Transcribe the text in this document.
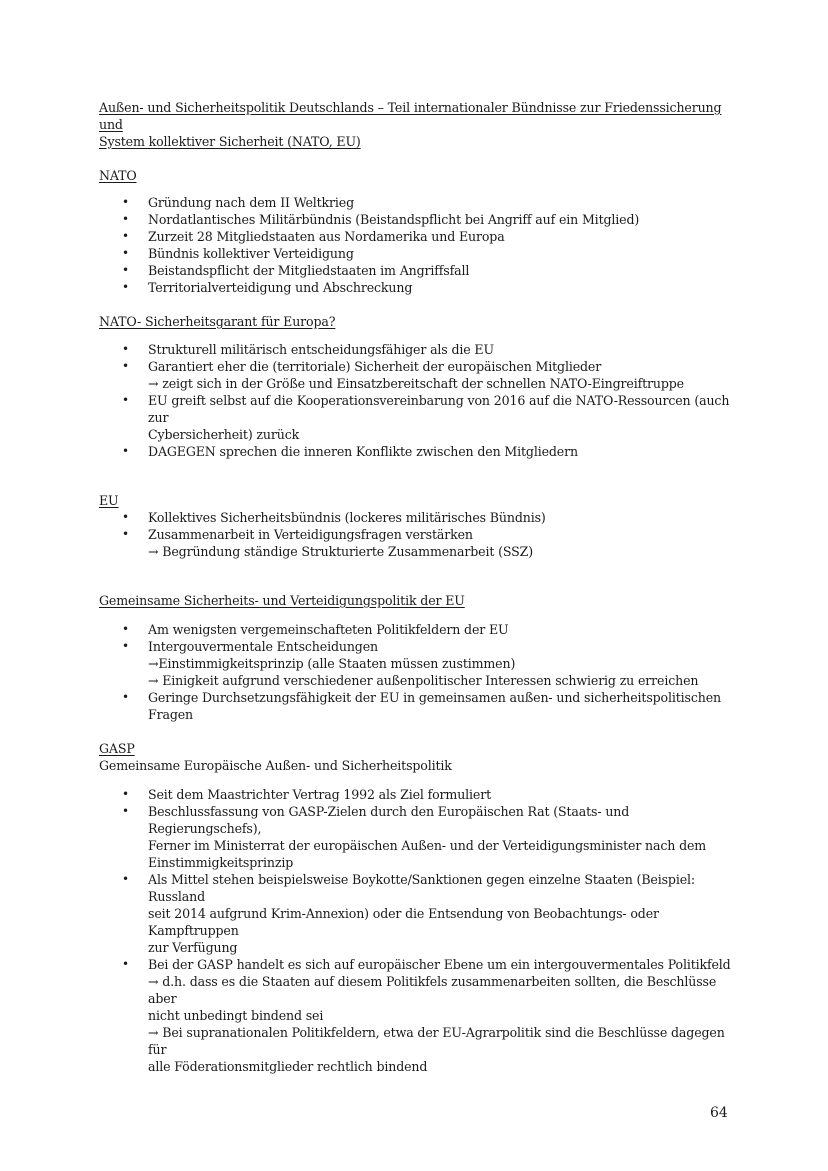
Außen- und Sicherheitspolitik Deutschlands – Teil internationaler Bündnisse zur Friedenssicherung und
System kollektiver Sicherheit (NATO, EU)
NATO
• Gründung nach dem II Weltkrieg
• Nordatlantisches Militärbündnis (Beistandspflicht bei Angriff auf ein Mitglied)
• Zurzeit 28 Mitgliedstaaten aus Nordamerika und Europa
• Bündnis kollektiver Verteidigung
• Beistandspflicht der Mitgliedstaaten im Angriffsfall
• Territorialverteidigung und Abschreckung
NATO- Sicherheitsgarant für Europa?
• Strukturell militärisch entscheidungsfähiger als die EU
• Garantiert eher die (territoriale) Sicherheit der europäischen Mitglieder
→ zeigt sich in der Größe und Einsatzbereitschaft der schnellen NATO-Eingreiftruppe
• EU greift selbst auf die Kooperationsvereinbarung von 2016 auf die NATO-Ressourcen (auch zur
Cybersicherheit) zurück
• DAGEGEN sprechen die inneren Konflikte zwischen den Mitgliedern
EU
• Kollektives Sicherheitsbündnis (lockeres militärisches Bündnis)
• Zusammenarbeit in Verteidigungsfragen verstärken
→ Begründung ständige Strukturierte Zusammenarbeit (SSZ)
Gemeinsame Sicherheits- und Verteidigungspolitik der EU
• Am wenigsten vergemeinschafteten Politikfeldern der EU
• Intergouvermentale Entscheidungen
→Einstimmigkeitsprinzip (alle Staaten müssen zustimmen)
→ Einigkeit aufgrund verschiedener außenpolitischer Interessen schwierig zu erreichen
• Geringe Durchsetzungsfähigkeit der EU in gemeinsamen außen- und sicherheitspolitischen
Fragen
GASP

Gemeinsame Europäische Außen- und Sicherheitspolitik

• Seit dem Maastrichter Vertrag 1992 als Ziel formuliert
• Beschlussfassung von GASP-Zielen durch den Europäischen Rat (Staats- und Regierungschefs),
Ferner im Ministerrat der europäischen Außen- und der Verteidigungsminister nach dem
Einstimmigkeitsprinzip
• Als Mittel stehen beispielsweise Boykotte/Sanktionen gegen einzelne Staaten (Beispiel: Russland
seit 2014 aufgrund Krim-Annexion) oder die Entsendung von Beobachtungs- oder Kampftruppen
zur Verfügung
• Bei der GASP handelt es sich auf europäischer Ebene um ein intergouvermentales Politikfeld
→ d.h. dass es die Staaten auf diesem Politikfels zusammenarbeiten sollten, die Beschlüsse aber
nicht unbedingt bindend sei
→ Bei supranationalen Politikfeldern, etwa der EU-Agrarpolitik sind die Beschlüsse dagegen für
alle Föderationsmitglieder rechtlich bindend
64
